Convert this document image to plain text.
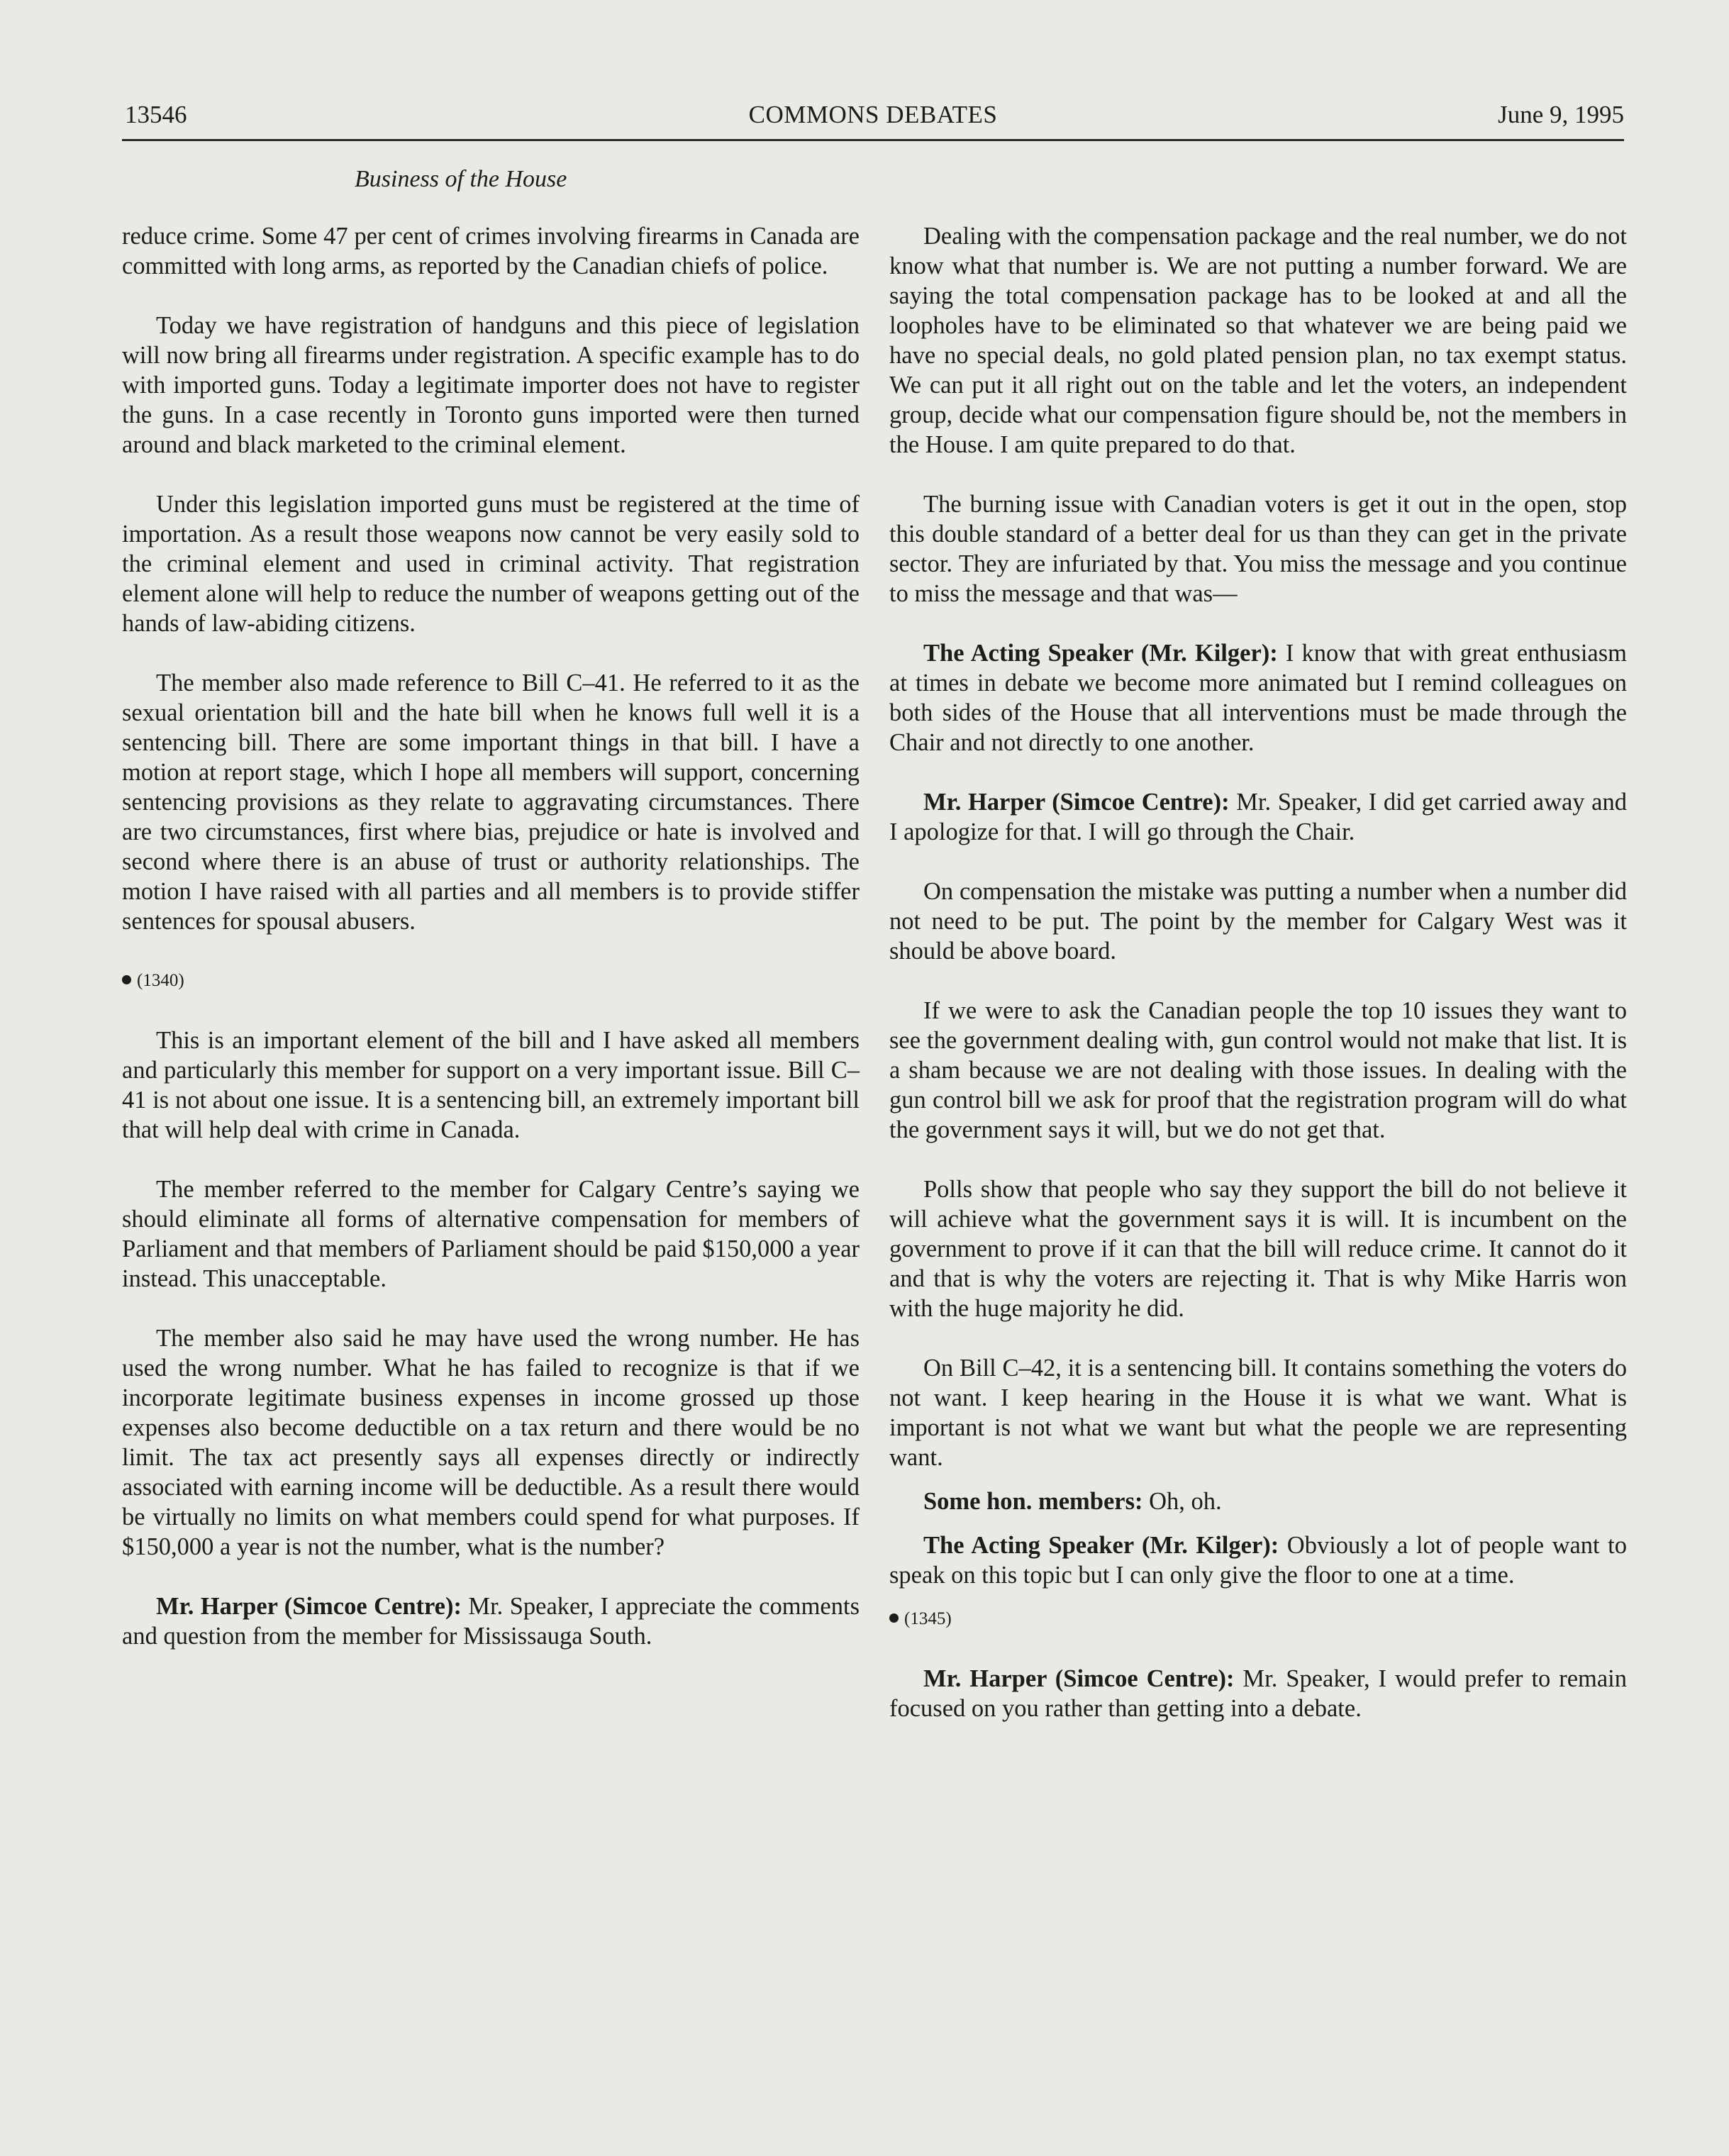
13546	COMMONS DEBATES	June 9, 1995
Business of the House

reduce crime. Some 47 per cent of crimes involving firearms in Canada are committed with long arms, as reported by the Canadian chiefs of police.

Today we have registration of handguns and this piece of legislation will now bring all firearms under registration. A specific example has to do with imported guns. Today a legitimate importer does not have to register the guns. In a case recently in Toronto guns imported were then turned around and black marketed to the criminal element.

Under this legislation imported guns must be registered at the time of importation. As a result those weapons now cannot be very easily sold to the criminal element and used in criminal activity. That registration element alone will help to reduce the number of weapons getting out of the hands of law-abiding citizens.

The member also made reference to Bill C–41. He referred to it as the sexual orientation bill and the hate bill when he knows full well it is a sentencing bill. There are some important things in that bill. I have a motion at report stage, which I hope all members will support, concerning sentencing provisions as they relate to aggravating circumstances. There are two circumstances, first where bias, prejudice or hate is involved and second where there is an abuse of trust or authority relationships. The motion I have raised with all parties and all members is to provide stiffer sentences for spousal abusers.

(1340)

This is an important element of the bill and I have asked all members and particularly this member for support on a very important issue. Bill C–41 is not about one issue. It is a sentencing bill, an extremely important bill that will help deal with crime in Canada.

The member referred to the member for Calgary Centre’s saying we should eliminate all forms of alternative compensation for members of Parliament and that members of Parliament should be paid $150,000 a year instead. This unacceptable.

The member also said he may have used the wrong number. He has used the wrong number. What he has failed to recognize is that if we incorporate legitimate business expenses in income grossed up those expenses also become deductible on a tax return and there would be no limit. The tax act presently says all expenses directly or indirectly associated with earning income will be deductible. As a result there would be virtually no limits on what members could spend for what purposes. If $150,000 a year is not the number, what is the number?

Mr. Harper (Simcoe Centre): Mr. Speaker, I appreciate the comments and question from the member for Mississauga South.

Dealing with the compensation package and the real number, we do not know what that number is. We are not putting a number forward. We are saying the total compensation package has to be looked at and all the loopholes have to be eliminated so that whatever we are being paid we have no special deals, no gold plated pension plan, no tax exempt status. We can put it all right out on the table and let the voters, an independent group, decide what our compensation figure should be, not the members in the House. I am quite prepared to do that.

The burning issue with Canadian voters is get it out in the open, stop this double standard of a better deal for us than they can get in the private sector. They are infuriated by that. You miss the message and you continue to miss the message and that was—

The Acting Speaker (Mr. Kilger): I know that with great enthusiasm at times in debate we become more animated but I remind colleagues on both sides of the House that all interventions must be made through the Chair and not directly to one another.

Mr. Harper (Simcoe Centre): Mr. Speaker, I did get carried away and I apologize for that. I will go through the Chair.

On compensation the mistake was putting a number when a number did not need to be put. The point by the member for Calgary West was it should be above board.

If we were to ask the Canadian people the top 10 issues they want to see the government dealing with, gun control would not make that list. It is a sham because we are not dealing with those issues. In dealing with the gun control bill we ask for proof that the registration program will do what the government says it will, but we do not get that.

Polls show that people who say they support the bill do not believe it will achieve what the government says it is will. It is incumbent on the government to prove if it can that the bill will reduce crime. It cannot do it and that is why the voters are rejecting it. That is why Mike Harris won with the huge majority he did.

On Bill C–42, it is a sentencing bill. It contains something the voters do not want. I keep hearing in the House it is what we want. What is important is not what we want but what the people we are representing want.

Some hon. members: Oh, oh.

The Acting Speaker (Mr. Kilger): Obviously a lot of people want to speak on this topic but I can only give the floor to one at a time.

(1345)

Mr. Harper (Simcoe Centre): Mr. Speaker, I would prefer to remain focused on you rather than getting into a debate.
